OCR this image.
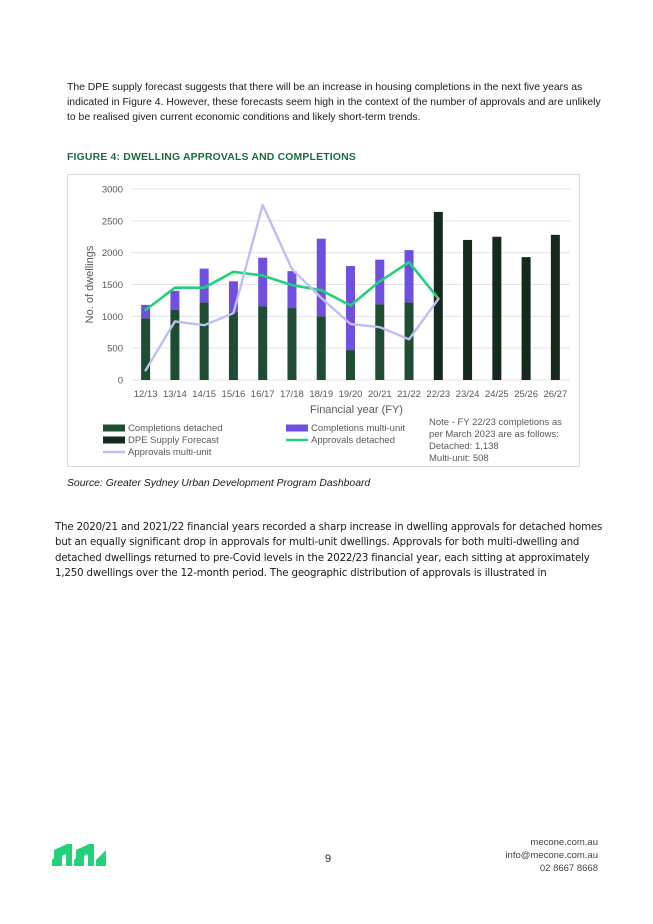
The DPE supply forecast suggests that there will be an increase in housing completions in the next five years as indicated in Figure 4. However, these forecasts seem high in the context of the number of approvals and are unlikely to be realised given current economic conditions and likely short-term trends.

FIGURE 4: DWELLING APPROVALS AND COMPLETIONS

0
500
1000
1500
2000
2500
3000
12/13 13/14 14/15 15/16 16/17 17/18 18/19 19/20 20/21 21/22 22/23 23/24 24/25 25/26 26/27
Financial year (FY)
No. of dwellings
Completions detached	Completions multi-unit
DPE Supply Forecast	Approvals detached
Approvals multi-unit
Note - FY 22/23 completions as
per March 2023 are as follows:
Detached: 1,138
Multi-unit: 508

Source: Greater Sydney Urban Development Program Dashboard

The 2020/21 and 2021/22 financial years recorded a sharp increase in dwelling approvals for detached homes but an equally significant drop in approvals for multi-unit dwellings. Approvals for both multi-dwelling and detached dwellings returned to pre-Covid levels in the 2022/23 financial year, each sitting at approximately 1,250 dwellings over the 12-month period. The geographic distribution of approvals is illustrated in

9
mecone.com.au
info@mecone.com.au
02 8667 8668
